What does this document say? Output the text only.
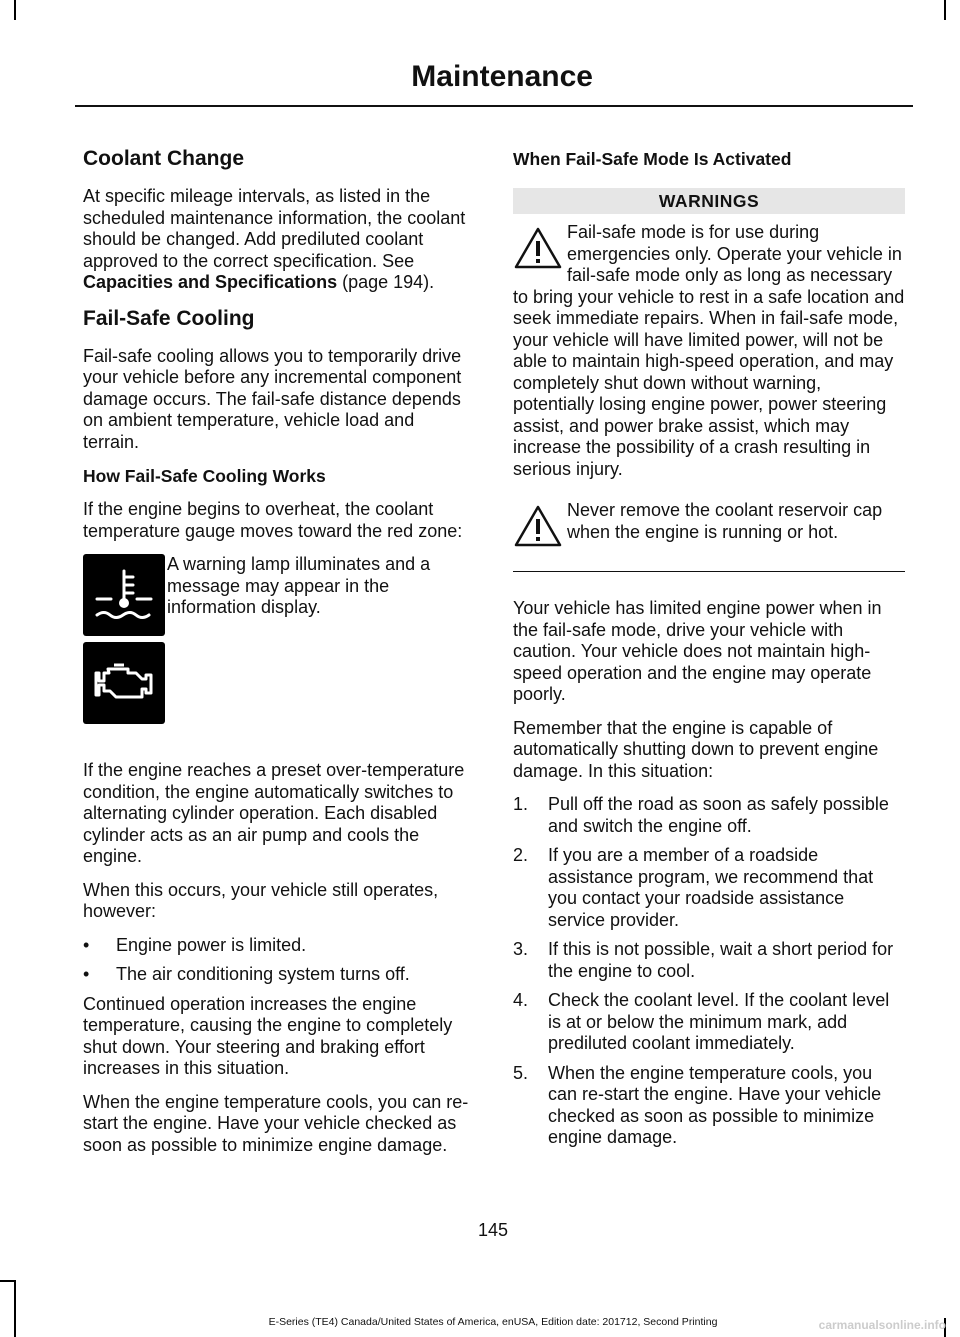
Maintenance
Coolant Change

At specific mileage intervals, as listed in the scheduled maintenance information, the coolant should be changed. Add prediluted coolant approved to the correct specification. See Capacities and Specifications (page 194).

Fail-Safe Cooling

Fail-safe cooling allows you to temporarily drive your vehicle before any incremental component damage occurs. The fail-safe distance depends on ambient temperature, vehicle load and terrain.

How Fail-Safe Cooling Works

If the engine begins to overheat, the coolant temperature gauge moves toward the red zone:

A warning lamp illuminates and a message may appear in the information display.

If the engine reaches a preset over-temperature condition, the engine automatically switches to alternating cylinder operation. Each disabled cylinder acts as an air pump and cools the engine.

When this occurs, your vehicle still operates, however:

•	Engine power is limited.
•	The air conditioning system turns off.

Continued operation increases the engine temperature, causing the engine to completely shut down. Your steering and braking effort increases in this situation.

When the engine temperature cools, you can re-start the engine. Have your vehicle checked as soon as possible to minimize engine damage.

When Fail-Safe Mode Is Activated
WARNINGS
Fail-safe mode is for use during emergencies only. Operate your vehicle in fail-safe mode only as long as necessary to bring your vehicle to rest in a safe location and seek immediate repairs. When in fail-safe mode, your vehicle will have limited power, will not be able to maintain high-speed operation, and may completely shut down without warning, potentially losing engine power, power steering assist, and power brake assist, which may increase the possibility of a crash resulting in serious injury.
Never remove the coolant reservoir cap when the engine is running or hot.

Your vehicle has limited engine power when in the fail-safe mode, drive your vehicle with caution. Your vehicle does not maintain high-speed operation and the engine may operate poorly.

Remember that the engine is capable of automatically shutting down to prevent engine damage. In this situation:

1.	Pull off the road as soon as safely possible and switch the engine off.
2.	If you are a member of a roadside assistance program, we recommend that you contact your roadside assistance service provider.
3.	If this is not possible, wait a short period for the engine to cool.
4.	Check the coolant level. If the coolant level is at or below the minimum mark, add prediluted coolant immediately.
5.	When the engine temperature cools, you can re-start the engine. Have your vehicle checked as soon as possible to minimize engine damage.
145
E-Series (TE4) Canada/United States of America, enUSA, Edition date: 201712, Second Printing	carmanualsonline.info
